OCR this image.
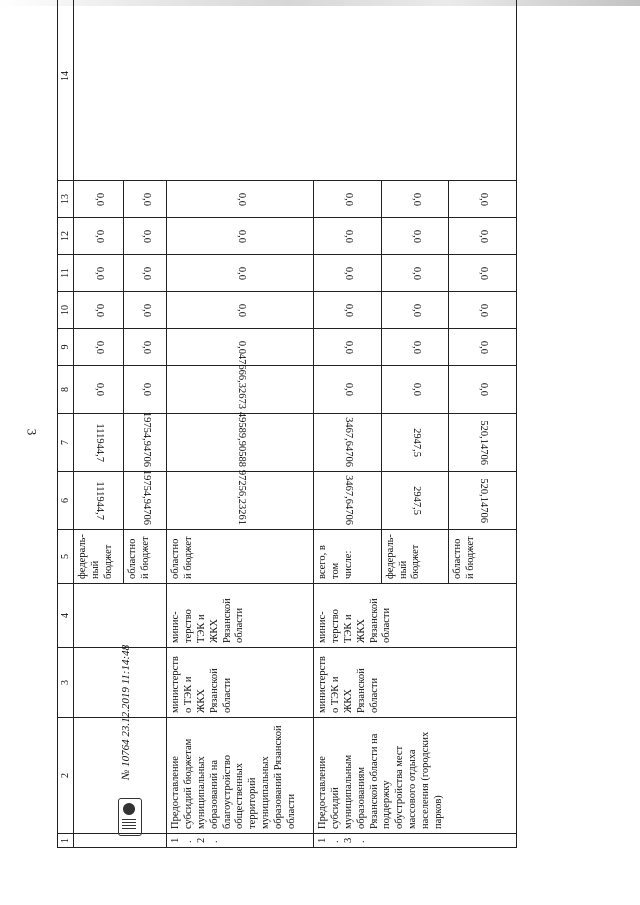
3
1	2	3	4	5	6	7	8	9	10	11	12	13	14
				федераль-ный бюджет	111944,7	111944,7	0,0	0,0	0,0	0,0	0,0	0,0	
				областной бюджет	19754,94706	19754,94706	0,0	0,0	0,0	0,0	0,0	0,0	
1.2.	Предоставление субсидий бюджетам муниципальных образований на благоустройство общественных территорий муниципальных образований Рязанской области	министерство ТЭК и ЖКХ Рязанской области	минис-терство ТЭК и ЖКХ Рязанской области	областной бюджет	97256,23261	49589,90588	47666,32673	0,0	0,0	0,0	0,0	0,0	
1.3.	Предоставление субсидий муниципальным образованиям Рязанской области на поддержку обустройства мест массового отдыха населения (городских парков)	министерство ТЭК и ЖКХ Рязанской области	минис-терство ТЭК и ЖКХ Рязанской области	всего, в том числе:	3467,64706	3467,64706	0,0	0,0	0,0	0,0	0,0	0,0	
				федераль-ный бюджет	2947,5	2947,5	0,0	0,0	0,0	0,0	0,0	0,0	
				областной бюджет	520,14706	520,14706	0,0	0,0	0,0	0,0	0,0	0,0	
№ 10764 23.12.2019 11:14:48
